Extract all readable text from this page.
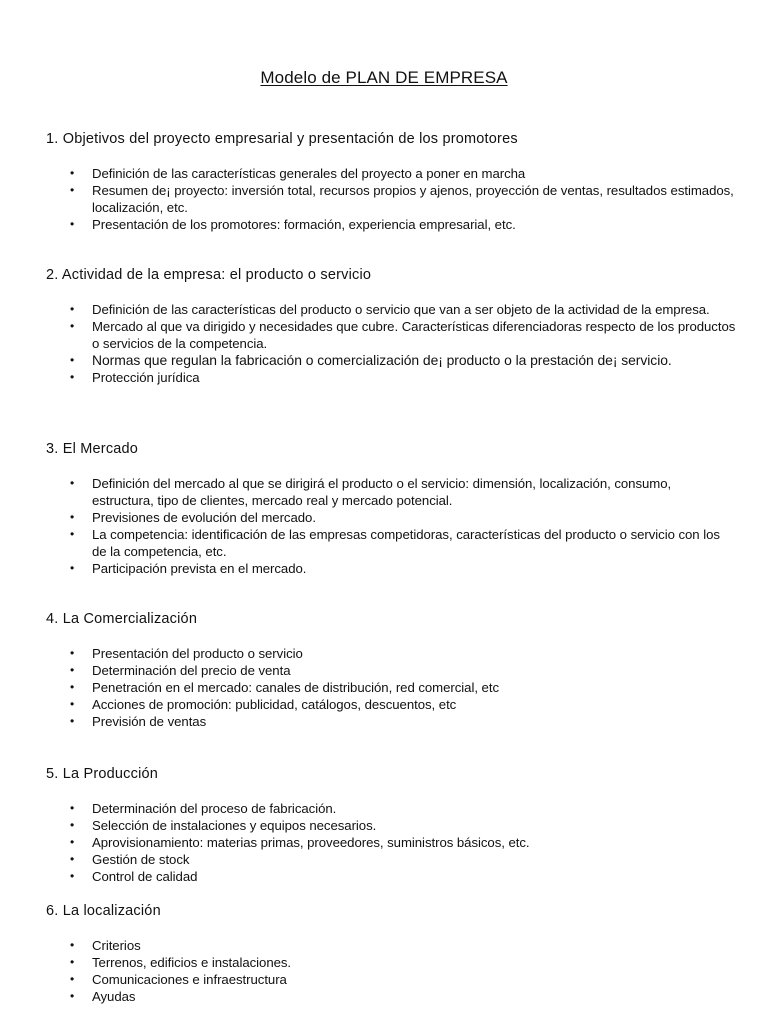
Modelo de PLAN DE EMPRESA
1. Objetivos del proyecto empresarial y presentación de los promotores
• Definición de las características generales del proyecto a poner en marcha
• Resumen de¡ proyecto: inversión total, recursos propios y ajenos, proyección de ventas, resultados estimados, localización, etc.
• Presentación de los promotores: formación, experiencia empresarial, etc.
2. Actividad de la empresa: el producto o servicio
• Definición de las características del producto o servicio que van a ser objeto de la actividad de la empresa.
• Mercado al que va dirigido y necesidades que cubre. Características diferenciadoras respecto de los productos o servicios de la competencia.
• Normas que regulan la fabricación o comercialización de¡ producto o la prestación de¡ servicio.
• Protección jurídica
3. El Mercado
• Definición del mercado al que se dirigirá el producto o el servicio: dimensión, localización, consumo, estructura, tipo de clientes, mercado real y mercado potencial.
• Previsiones de evolución del mercado.
• La competencia: identificación de las empresas competidoras, características del producto o servicio con los de la competencia, etc.
• Participación prevista en el mercado.
4. La Comercialización
• Presentación del producto o servicio
• Determinación del precio de venta
• Penetración en el mercado: canales de distribución, red comercial, etc
• Acciones de promoción: publicidad, catálogos, descuentos, etc
• Previsión de ventas
5. La Producción
• Determinación del proceso de fabricación.
• Selección de instalaciones y equipos necesarios.
• Aprovisionamiento: materias primas, proveedores, suministros básicos, etc.
• Gestión de stock
• Control de calidad
6. La localización
• Criterios
• Terrenos, edificios e instalaciones.
• Comunicaciones e infraestructura
• Ayudas
